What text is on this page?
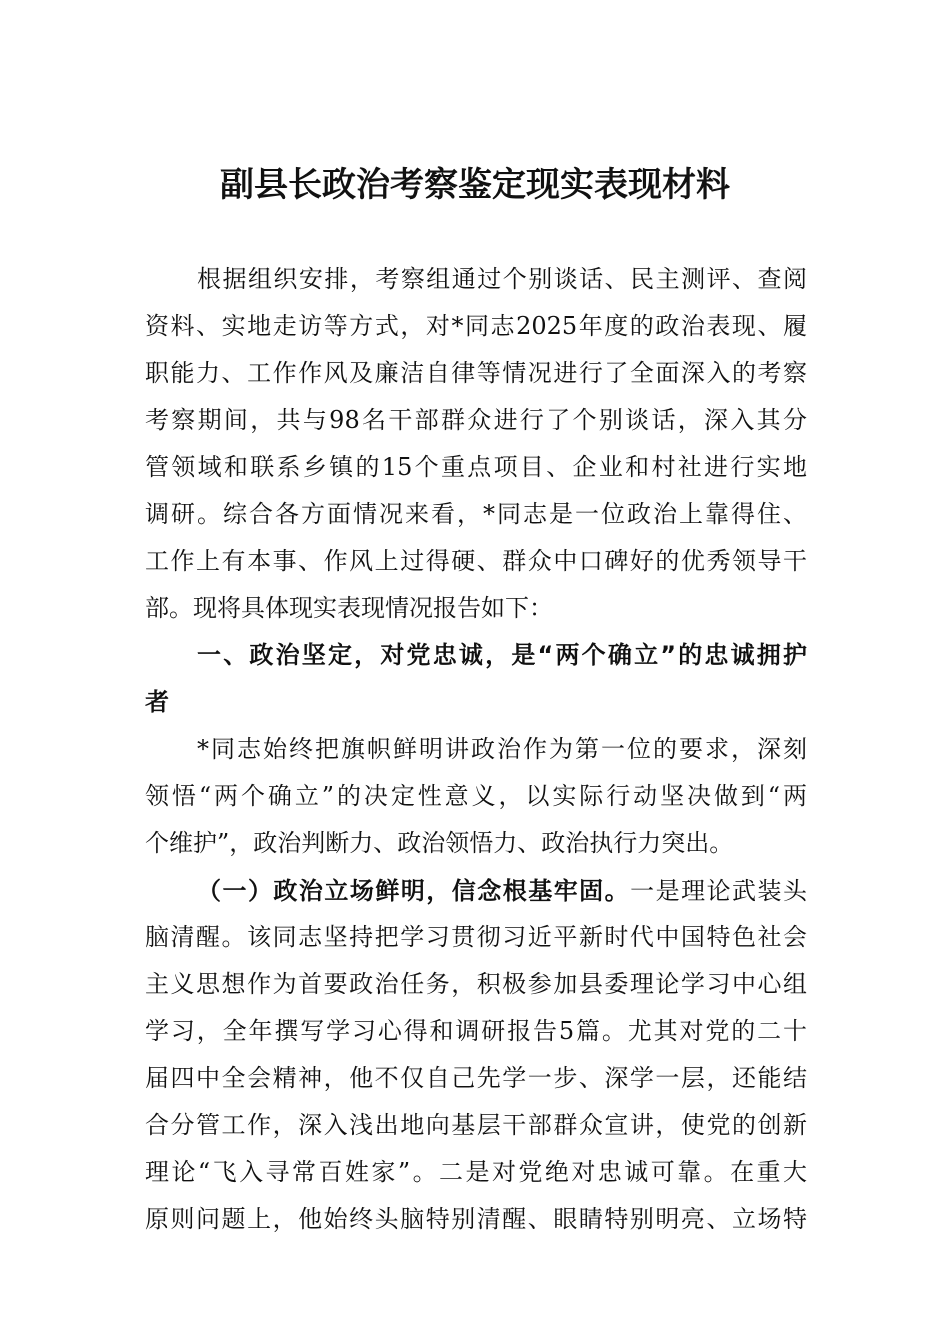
副县长政治考察鉴定现实表现材料
根据组织安排，考察组通过个别谈话、民主测评、查阅
资料、实地走访等方式，对*同志2025年度的政治表现、履
职能力、工作作风及廉洁自律等情况进行了全面深入的考察
考察期间，共与98名干部群众进行了个别谈话，深入其分
管领域和联系乡镇的15个重点项目、企业和村社进行实地
调研。综合各方面情况来看，*同志是一位政治上靠得住、
工作上有本事、作风上过得硬、群众中口碑好的优秀领导干
部。现将具体现实表现情况报告如下：
一、政治坚定，对党忠诚，是“两个确立”的忠诚拥护
者
*同志始终把旗帜鲜明讲政治作为第一位的要求，深刻
领悟“两个确立”的决定性意义，以实际行动坚决做到“两
个维护”，政治判断力、政治领悟力、政治执行力突出。
（一）政治立场鲜明，信念根基牢固。一是理论武装头
脑清醒。该同志坚持把学习贯彻习近平新时代中国特色社会
主义思想作为首要政治任务，积极参加县委理论学习中心组
学习，全年撰写学习心得和调研报告5篇。尤其对党的二十
届四中全会精神，他不仅自己先学一步、深学一层，还能结
合分管工作，深入浅出地向基层干部群众宣讲，使党的创新
理论“飞入寻常百姓家”。二是对党绝对忠诚可靠。在重大
原则问题上，他始终头脑特别清醒、眼睛特别明亮、立场特
